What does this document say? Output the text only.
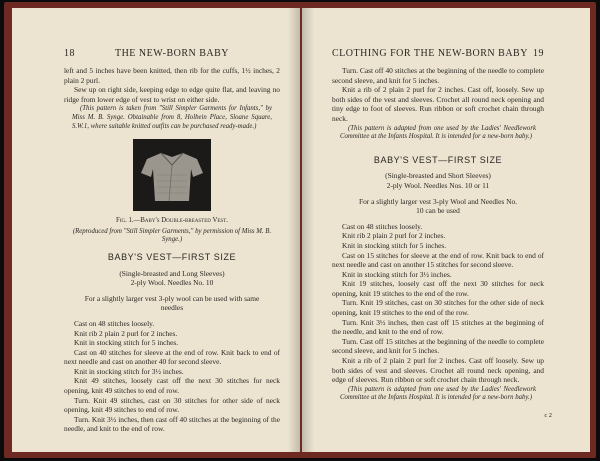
18	THE NEW-BORN BABY

left and 5 inches have been knitted, then rib for the cuffs, 1½ inches, 2 plain 2 purl.

Sew up on right side, keeping edge to edge quite flat, and leaving no ridge from lower edge of vest to wrist on either side.

(This pattern is taken from "Still Simpler Garments for Infants," by Miss M. B. Synge. Obtainable from 8, Holbein Place, Sloane Square, S.W.1, where suitable knitted outfits can be purchased ready-made.)

Fig. 1.—Baby's Double-breasted Vest.

(Reproduced from "Still Simpler Garments," by permission of Miss M. B. Synge.)

BABY'S VEST—FIRST SIZE

(Single-breasted and Long Sleeves)

2-ply Wool. Needles No. 10

For a slightly larger vest 3-ply wool can be used with same needles

Cast on 48 stitches loosely.

Knit rib 2 plain 2 purl for 2 inches.

Knit in stocking stitch for 5 inches.

Cast on 40 stitches for sleeve at the end of row. Knit back to end of next needle and cast on another 40 for second sleeve.

Knit in stocking stitch for 3½ inches.

Knit 49 stitches, loosely cast off the next 30 stitches for neck opening, knit 49 stitches to end of row.

Turn. Knit 49 stitches, cast on 30 stitches for other side of neck opening, knit 49 stitches to end of row.

Turn. Knit 3½ inches, then cast off 40 stitches at the beginning of the needle, and knit to the end of row.

19
CLOTHING FOR THE NEW-BORN BABY

Turn. Cast off 40 stitches at the beginning of the needle to complete second sleeve, and knit for 5 inches.

Knit a rib of 2 plain 2 purl for 2 inches. Cast off, loosely. Sew up both sides of the vest and sleeves. Crochet all round neck opening and tiny edge to foot of sleeves. Run ribbon or soft crochet chain through neck.

(This pattern is adapted from one used by the Ladies' Needlework Committee at the Infants Hospital. It is intended for a new-born baby.)

BABY'S VEST—FIRST SIZE

(Single-breasted and Short Sleeves)

2-ply Wool. Needles Nos. 10 or 11

For a slightly larger vest 3-ply Wool and Needles No. 10 can be used

Cast on 48 stitches loosely.

Knit rib 2 plain 2 purl for 2 inches.

Knit in stocking stitch for 5 inches.

Cast on 15 stitches for sleeve at the end of row. Knit back to end of next needle and cast on another 15 stitches for second sleeve.

Knit in stocking stitch for 3½ inches.

Knit 19 stitches, loosely cast off the next 30 stitches for neck opening, knit 19 stitches to the end of the row.

Turn. Knit 19 stitches, cast on 30 stitches for the other side of neck opening, knit 19 stitches to the end of the row.

Turn. Knit 3½ inches, then cast off 15 stitches at the beginning of the needle, and knit to the end of row.

Turn. Cast off 15 stitches at the beginning of the needle to complete second sleeve, and knit for 5 inches.

Knit a rib of 2 plain 2 purl for 2 inches. Cast off loosely. Sew up both sides of vest and sleeves. Crochet all round neck opening, and edge of sleeves. Run ribbon or soft crochet chain through neck.

(This pattern is adapted from one used by the Ladies' Needlework Committee at the Infants Hospital. It is intended for a new-born baby.)

c 2
